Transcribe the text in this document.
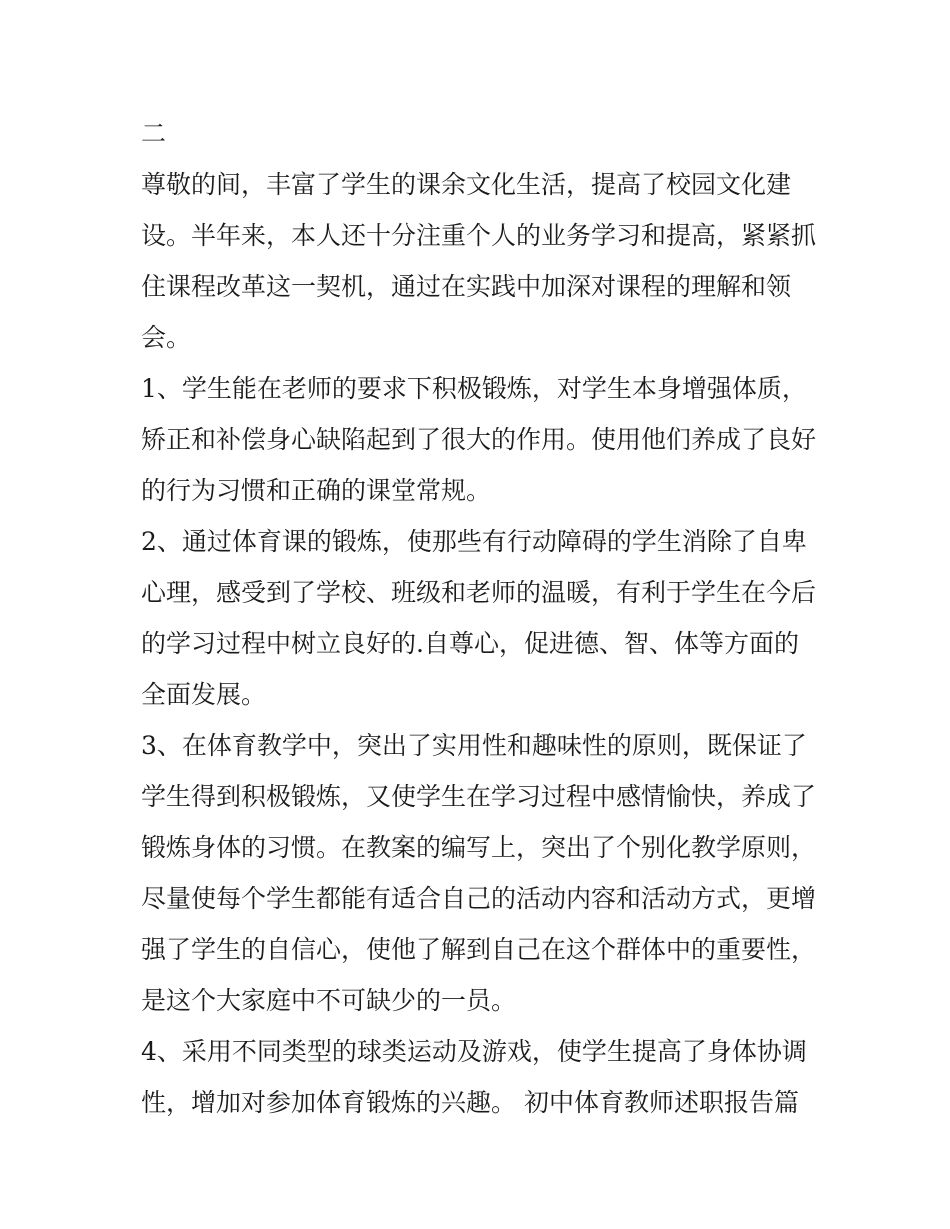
二
尊敬的间，丰富了学生的课余文化生活，提高了校园文化建
设。半年来，本人还十分注重个人的业务学习和提高，紧紧抓
住课程改革这一契机，通过在实践中加深对课程的理解和领
会。
1、学生能在老师的要求下积极锻炼，对学生本身增强体质，
矫正和补偿身心缺陷起到了很大的作用。使用他们养成了良好
的行为习惯和正确的课堂常规。
2、通过体育课的锻炼，使那些有行动障碍的学生消除了自卑
心理，感受到了学校、班级和老师的温暖，有利于学生在今后
的学习过程中树立良好的.自尊心，促进德、智、体等方面的
全面发展。
3、在体育教学中，突出了实用性和趣味性的原则，既保证了
学生得到积极锻炼，又使学生在学习过程中感情愉快，养成了
锻炼身体的习惯。在教案的编写上，突出了个别化教学原则，
尽量使每个学生都能有适合自己的活动内容和活动方式，更增
强了学生的自信心，使他了解到自己在这个群体中的重要性，
是这个大家庭中不可缺少的一员。
4、采用不同类型的球类运动及游戏，使学生提高了身体协调
性，增加对参加体育锻炼的兴趣。 初中体育教师述职报告篇
